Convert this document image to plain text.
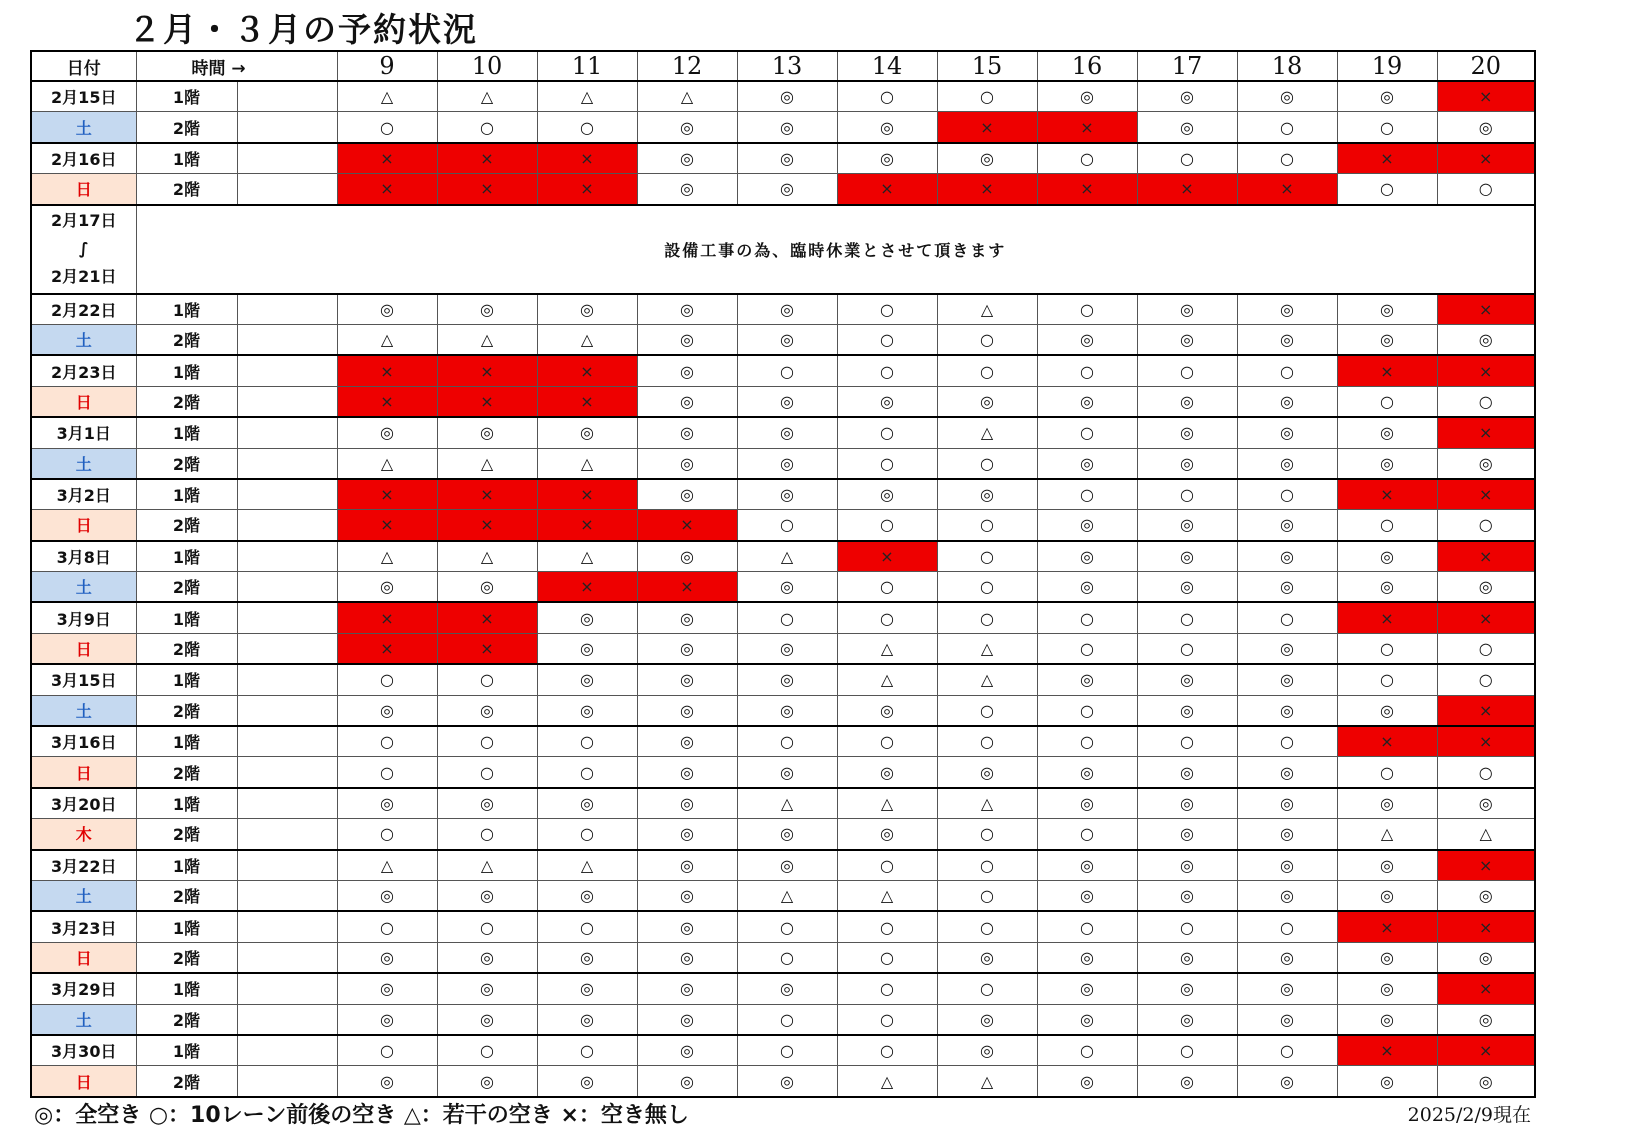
２月・３月の予約状況
日付	時間 →		9	10	11	12	13	14	15	16	17	18	19	20
2月15日	1階		△	△	△	△	◎	○	○	◎	◎	◎	◎	×
土	2階		○	○	○	◎	◎	◎	×	×	◎	○	○	◎
2月16日	1階		×	×	×	◎	◎	◎	◎	○	○	○	×	×
日	2階		×	×	×	◎	◎	×	×	×	×	×	○	○

2月17日
∫
2月21日	設備工事の為、臨時休業とさせて頂きます													
2月22日	1階		◎	◎	◎	◎	◎	○	△	○	◎	◎	◎	×
土	2階		△	△	△	◎	◎	○	○	◎	◎	◎	◎	◎
2月23日	1階		×	×	×	◎	○	○	○	○	○	○	×	×
日	2階		×	×	×	◎	◎	◎	◎	◎	◎	◎	○	○
3月1日	1階		◎	◎	◎	◎	◎	○	△	○	◎	◎	◎	×
土	2階		△	△	△	◎	◎	○	○	◎	◎	◎	◎	◎
3月2日	1階		×	×	×	◎	◎	◎	◎	○	○	○	×	×
日	2階		×	×	×	×	○	○	○	◎	◎	◎	○	○
3月8日	1階		△	△	△	◎	△	×	○	◎	◎	◎	◎	×
土	2階		◎	◎	×	×	◎	○	○	◎	◎	◎	◎	◎
3月9日	1階		×	×	◎	◎	○	○	○	○	○	○	×	×
日	2階		×	×	◎	◎	◎	△	△	○	○	◎	○	○
3月15日	1階		○	○	◎	◎	◎	△	△	◎	◎	◎	○	○
土	2階		◎	◎	◎	◎	◎	◎	○	○	◎	◎	◎	×
3月16日	1階		○	○	○	◎	○	○	○	○	○	○	×	×
日	2階		○	○	○	◎	◎	◎	◎	◎	◎	◎	○	○
3月20日	1階		◎	◎	◎	◎	△	△	△	◎	◎	◎	◎	◎
木	2階		○	○	○	◎	◎	◎	○	○	◎	◎	△	△
3月22日	1階		△	△	△	◎	◎	○	○	◎	◎	◎	◎	×
土	2階		◎	◎	◎	◎	△	△	○	◎	◎	◎	◎	◎
3月23日	1階		○	○	○	◎	○	○	○	○	○	○	×	×
日	2階		◎	◎	◎	◎	○	○	◎	◎	◎	◎	◎	◎
3月29日	1階		◎	◎	◎	◎	◎	○	○	◎	◎	◎	◎	×
土	2階		◎	◎	◎	◎	○	○	◎	◎	◎	◎	◎	◎
3月30日	1階		○	○	○	◎	○	○	◎	○	○	○	×	×
日	2階		◎	◎	◎	◎	◎	△	△	◎	◎	◎	◎	◎
◎：全空き ○：10レーン前後の空き △：若干の空き ×：空き無し	2025/2/9現在
